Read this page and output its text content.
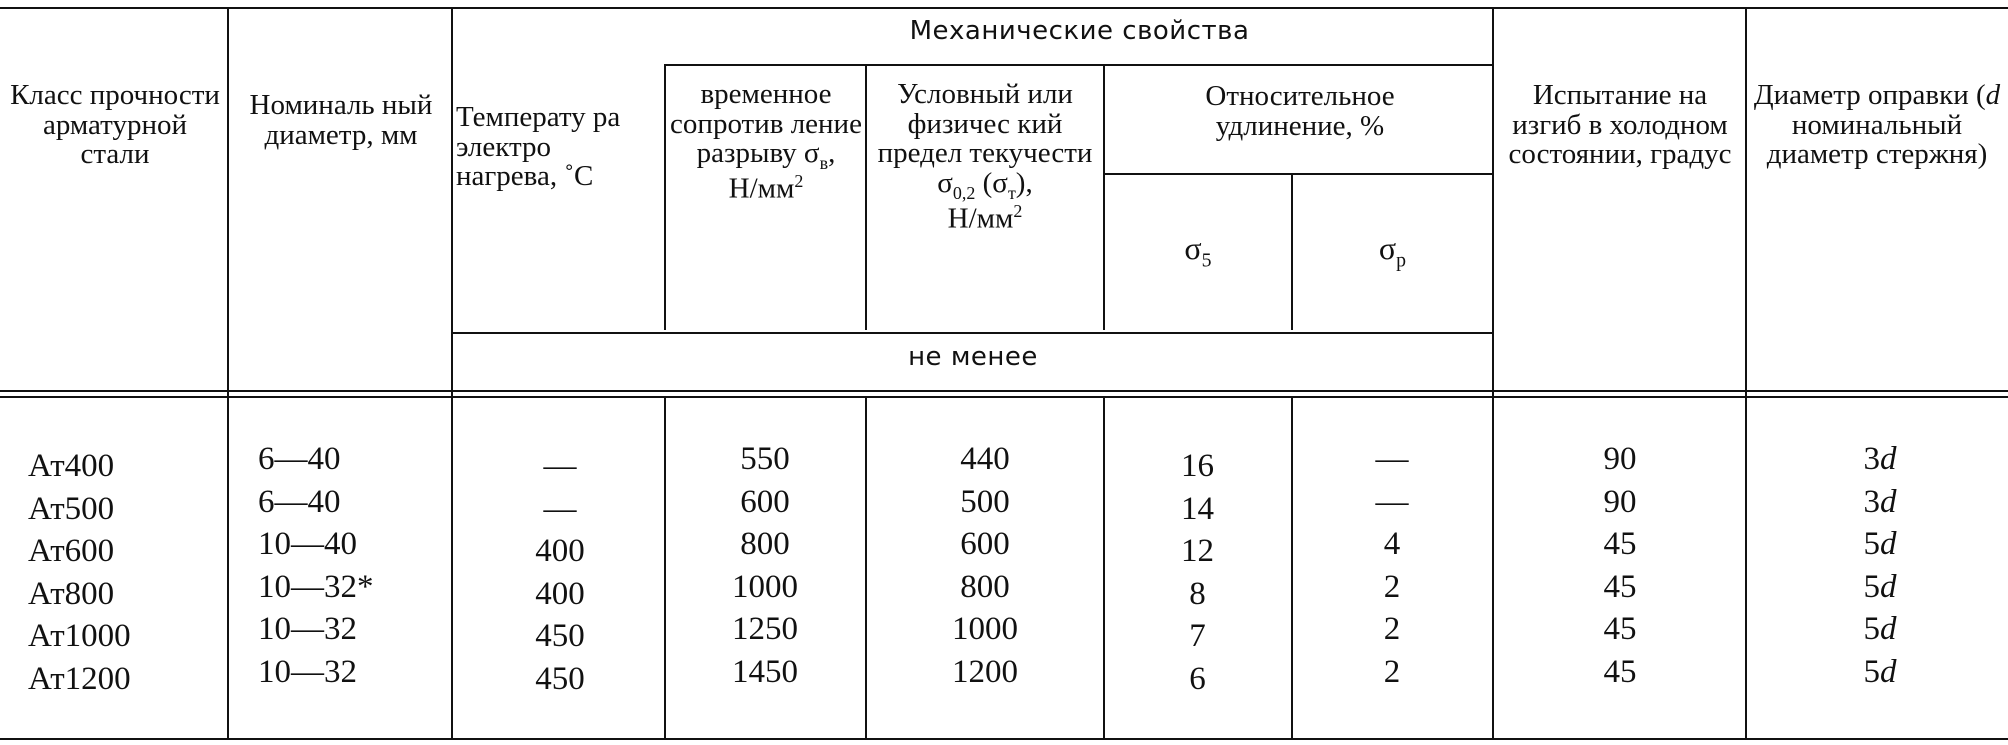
Класс прочности арматурной стали
Номиналь ный диаметр, мм
Температу ра электро нагрева, ˚С
Механические свойства
временное сопротив ление разрыву $\sigma_в$,
$Н/мм^2$
Условный или физичес кий предел текучести
$\sigma_{0,2}$ $(\sigma_т)$,
$Н/мм^2$
Относительное удлинение, %
$\sigma_5$	$\sigma_р$
Испытание на изгиб в холодном состоянии, градус
Диаметр оправки (d номинальный диаметр стержня)
не менее
Ат400
Ат500
Ат600
Ат800
Ат1000
Ат1200
6—40
6—40
10—40
10—32*
10—32
10—32
—
—
400
400
450
450
550
600
800
1000
1250
1450
440
500
600
800
1000
1200
16
14
12
8
7
6
—
—
4
2
2
2
90
90
45
45
45
45
3d
3d
5d
5d
5d
5d
